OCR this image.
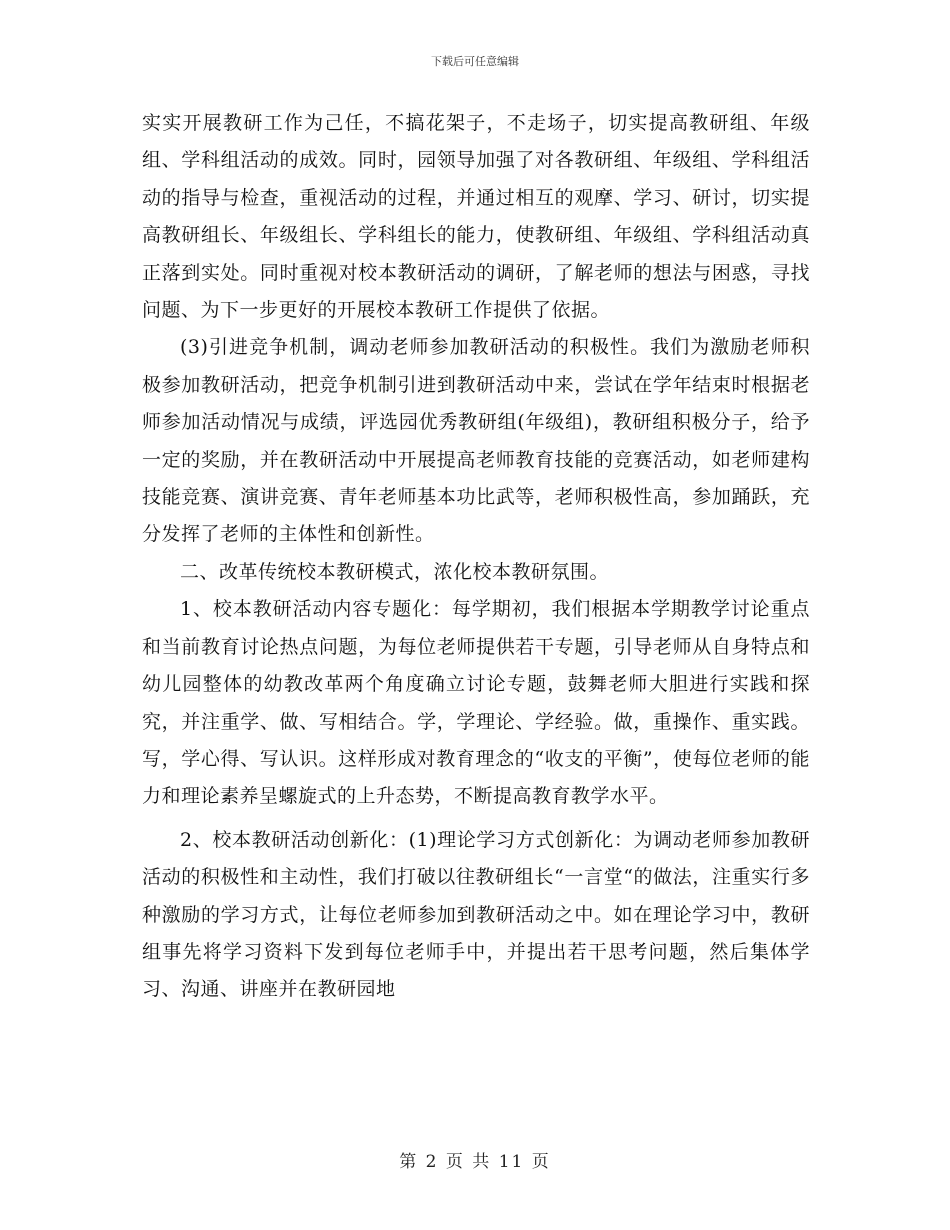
下载后可任意编辑

实实开展教研工作为己任，不搞花架子，不走场子，切实提高教研组、年级组、学科组活动的成效。同时，园领导加强了对各教研组、年级组、学科组活动的指导与检查，重视活动的过程，并通过相互的观摩、学习、研讨，切实提高教研组长、年级组长、学科组长的能力，使教研组、年级组、学科组活动真正落到实处。同时重视对校本教研活动的调研，了解老师的想法与困惑，寻找问题、为下一步更好的开展校本教研工作提供了依据。

(3)引进竞争机制，调动老师参加教研活动的积极性。我们为激励老师积极参加教研活动，把竞争机制引进到教研活动中来，尝试在学年结束时根据老师参加活动情况与成绩，评选园优秀教研组(年级组)，教研组积极分子，给予一定的奖励，并在教研活动中开展提高老师教育技能的竞赛活动，如老师建构技能竞赛、演讲竞赛、青年老师基本功比武等，老师积极性高，参加踊跃，充分发挥了老师的主体性和创新性。

二、改革传统校本教研模式，浓化校本教研氛围。

1、校本教研活动内容专题化：每学期初，我们根据本学期教学讨论重点和当前教育讨论热点问题，为每位老师提供若干专题，引导老师从自身特点和幼儿园整体的幼教改革两个角度确立讨论专题，鼓舞老师大胆进行实践和探究，并注重学、做、写相结合。学，学理论、学经验。做，重操作、重实践。写，学心得、写认识。这样形成对教育理念的“收支的平衡”，使每位老师的能力和理论素养呈螺旋式的上升态势，不断提高教育教学水平。

2、校本教研活动创新化：(1)理论学习方式创新化：为调动老师参加教研活动的积极性和主动性，我们打破以往教研组长“一言堂“的做法，注重实行多种激励的学习方式，让每位老师参加到教研活动之中。如在理论学习中，教研组事先将学习资料下发到每位老师手中，并提出若干思考问题，然后集体学习、沟通、讲座并在教研园地

第 2 页 共 11 页
